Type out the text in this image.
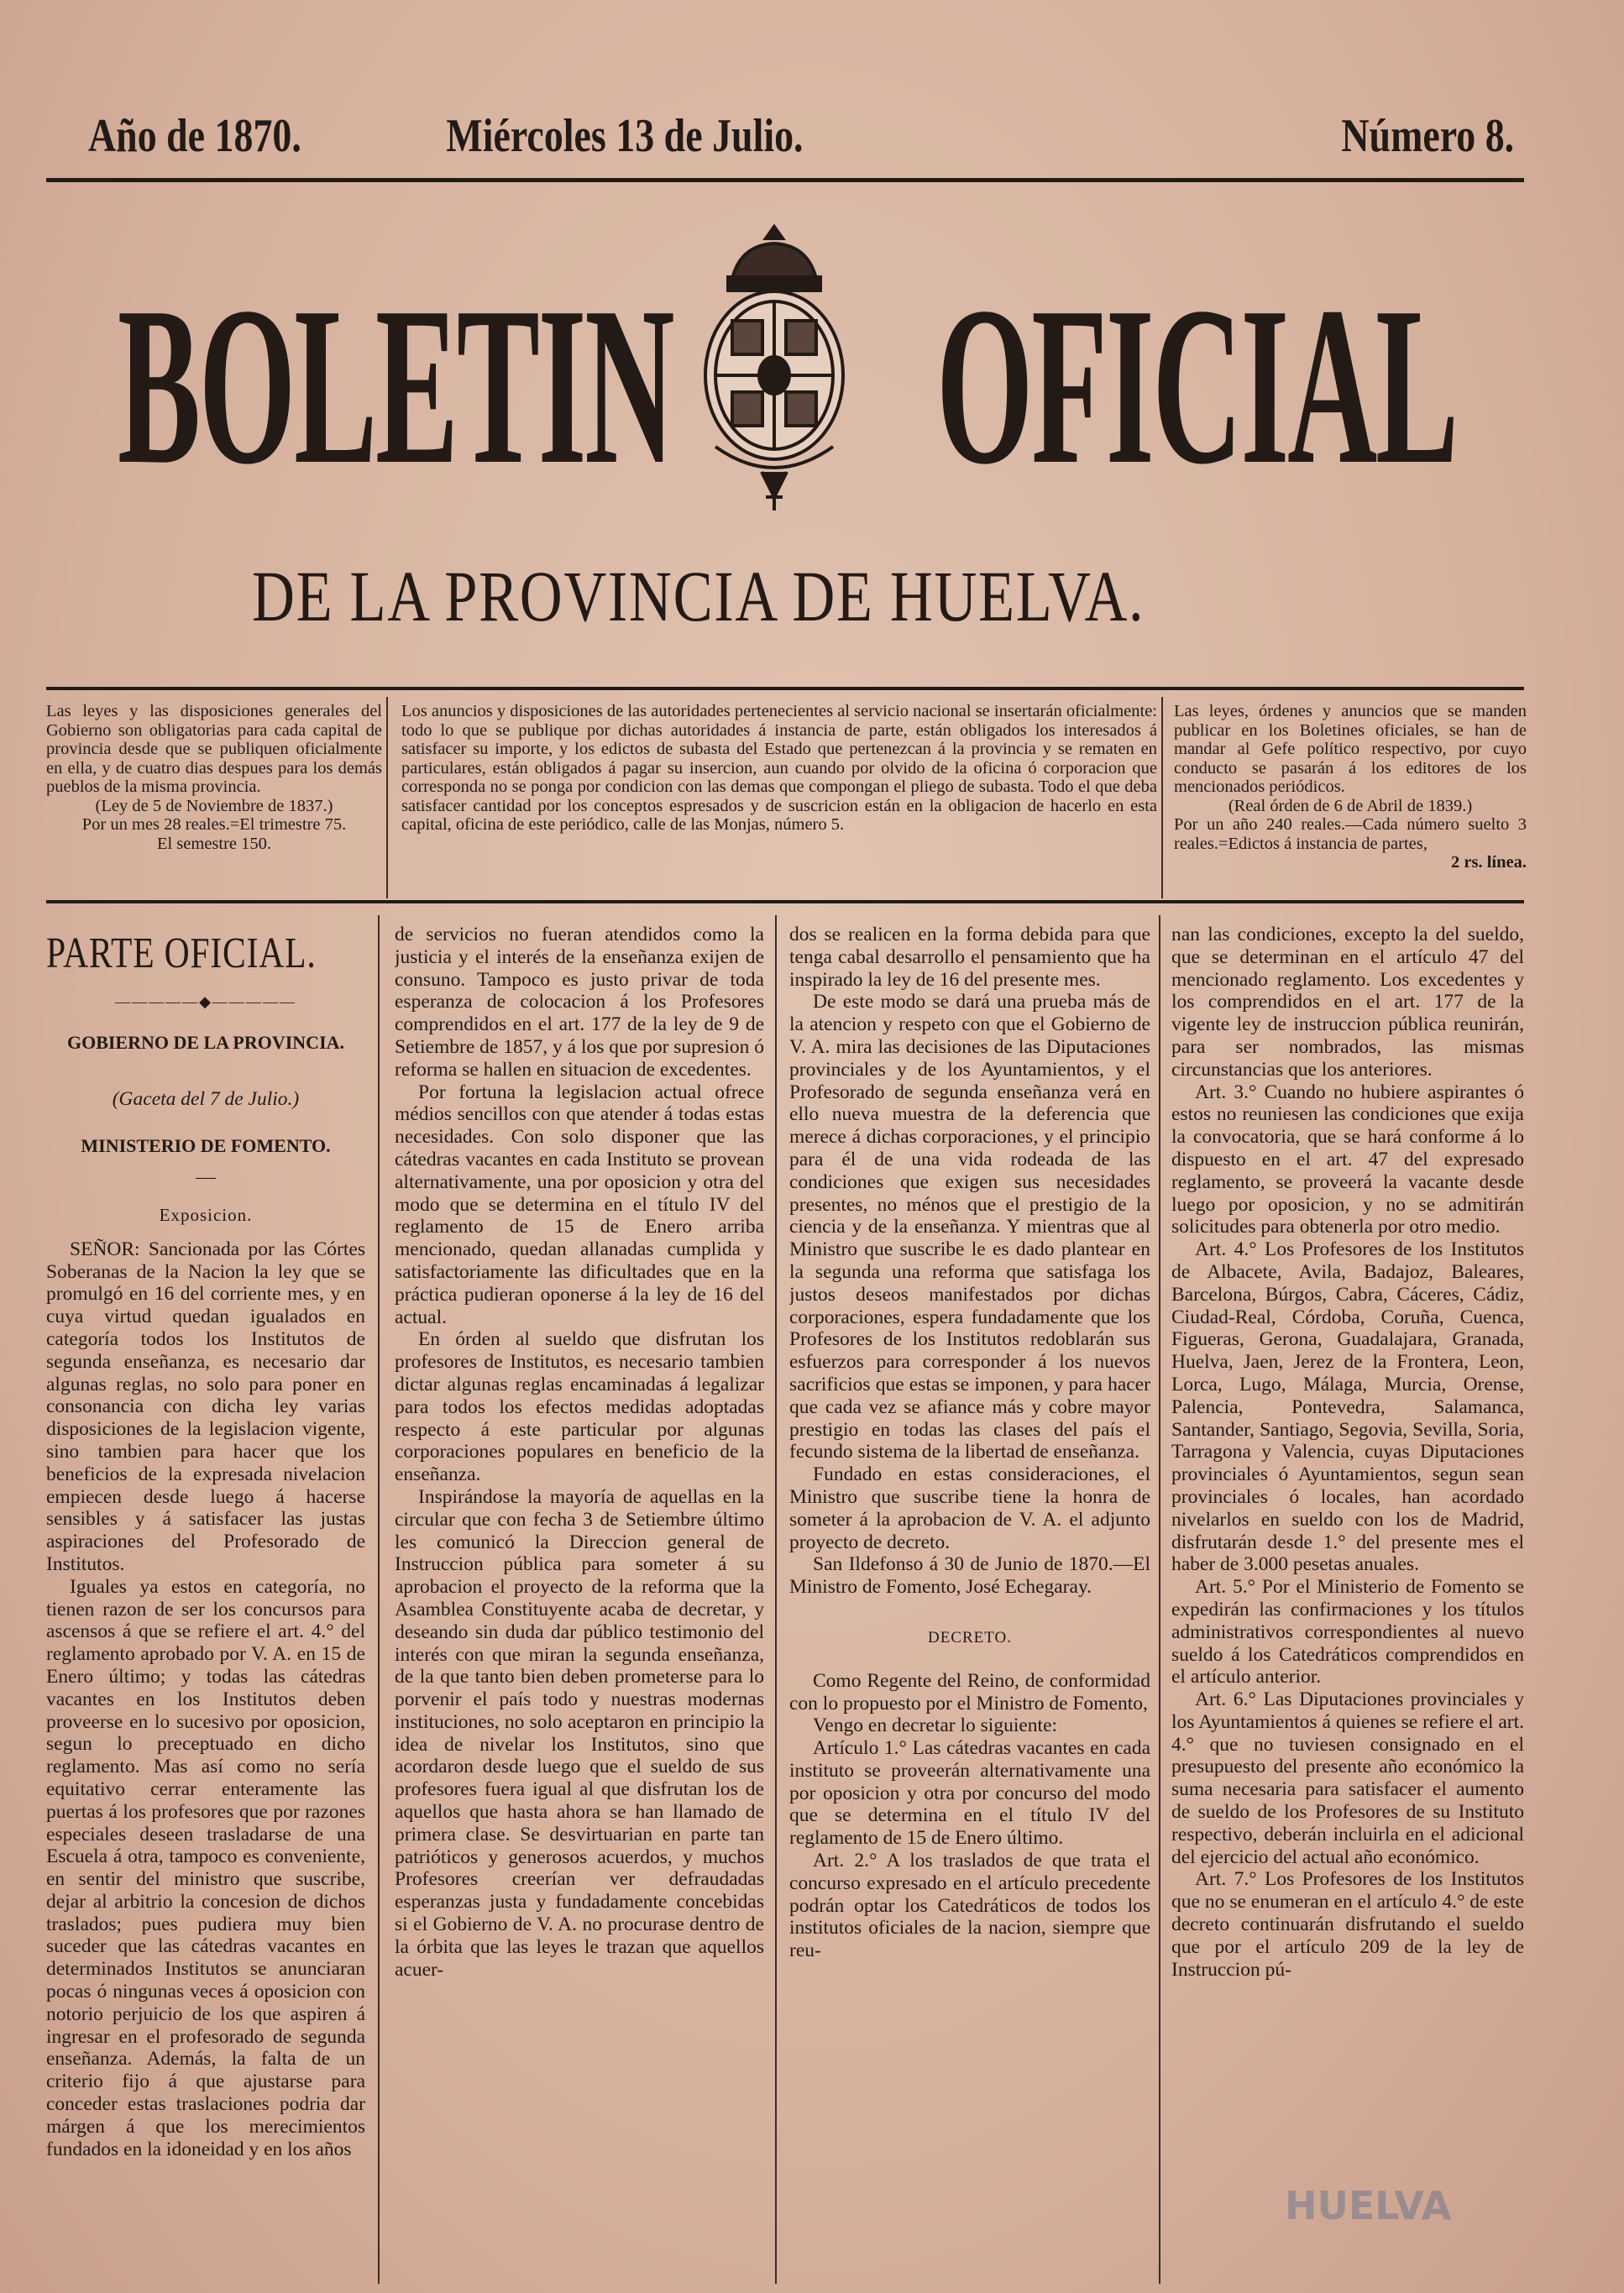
Año de 1870.	Miércoles 13 de Julio.	Número 8.
BOLETIN OFICIAL
DE LA PROVINCIA DE HUELVA.

Las leyes y las disposiciones generales del Gobierno son obligatorias para cada capital de provincia desde que se publiquen oficialmente en ella, y de cuatro dias despues para los demás pueblos de la misma provincia.

(Ley de 5 de Noviembre de 1837.)

Por un mes 28 reales.=El trimestre 75.

El semestre 150.

Los anuncios y disposiciones de las autoridades pertenecientes al servicio nacional se insertarán oficialmente: todo lo que se publique por dichas autoridades á instancia de parte, están obligados los interesados á satisfacer su importe, y los edictos de subasta del Estado que pertenezcan á la provincia y se rematen en particulares, están obligados á pagar su insercion, aun cuando por olvido de la oficina ó corporacion que corresponda no se ponga por condicion con las demas que compongan el pliego de subasta. Todo el que deba satisfacer cantidad por los conceptos espresados y de suscricion están en la obligacion de hacerlo en esta capital, oficina de este periódico, calle de las Monjas, número 5.

Las leyes, órdenes y anuncios que se manden publicar en los Boletines oficiales, se han de mandar al Gefe político respectivo, por cuyo conducto se pasarán á los editores de los mencionados periódicos.

(Real órden de 6 de Abril de 1839.)

Por un año 240 reales.—Cada número suelto 3 reales.=Edictos á instancia de partes,

2 rs. línea.

PARTE OFICIAL.
—————◆—————

GOBIERNO DE LA PROVINCIA.

(Gaceta del 7 de Julio.)

MINISTERIO DE FOMENTO.

—

Exposicion.

SEÑOR: Sancionada por las Córtes Soberanas de la Nacion la ley que se promulgó en 16 del corriente mes, y en cuya virtud quedan igualados en categoría todos los Institutos de segunda enseñanza, es necesario dar algunas reglas, no solo para poner en consonancia con dicha ley varias disposiciones de la legislacion vigente, sino tambien para hacer que los beneficios de la expresada nivelacion empiecen desde luego á hacerse sensibles y á satisfacer las justas aspiraciones del Profesorado de Institutos.

Iguales ya estos en categoría, no tienen razon de ser los concursos para ascensos á que se refiere el art. 4.° del reglamento aprobado por V. A. en 15 de Enero último; y todas las cátedras vacantes en los Institutos deben proveerse en lo sucesivo por oposicion, segun lo preceptuado en dicho reglamento. Mas así como no sería equitativo cerrar enteramente las puertas á los profesores que por razones especiales deseen trasladarse de una Escuela á otra, tampoco es conveniente, en sentir del ministro que suscribe, dejar al arbitrio la concesion de dichos traslados; pues pudiera muy bien suceder que las cátedras vacantes en determinados Institutos se anunciaran pocas ó ningunas veces á oposicion con notorio perjuicio de los que aspiren á ingresar en el profesorado de segunda enseñanza. Además, la falta de un criterio fijo á que ajustarse para conceder estas traslaciones podria dar márgen á que los merecimientos fundados en la idoneidad y en los años

de servicios no fueran atendidos como la justicia y el interés de la enseñanza exijen de consuno. Tampoco es justo privar de toda esperanza de colocacion á los Profesores comprendidos en el art. 177 de la ley de 9 de Setiembre de 1857, y á los que por supresion ó reforma se hallen en situacion de excedentes.

Por fortuna la legislacion actual ofrece médios sencillos con que atender á todas estas necesidades. Con solo disponer que las cátedras vacantes en cada Instituto se provean alternativamente, una por oposicion y otra del modo que se determina en el título IV del reglamento de 15 de Enero arriba mencionado, quedan allanadas cumplida y satisfactoriamente las dificultades que en la práctica pudieran oponerse á la ley de 16 del actual.

En órden al sueldo que disfrutan los profesores de Institutos, es necesario tambien dictar algunas reglas encaminadas á legalizar para todos los efectos medidas adoptadas respecto á este particular por algunas corporaciones populares en beneficio de la enseñanza.

Inspirándose la mayoría de aquellas en la circular que con fecha 3 de Setiembre último les comunicó la Direccion general de Instruccion pública para someter á su aprobacion el proyecto de la reforma que la Asamblea Constituyente acaba de decretar, y deseando sin duda dar público testimonio del interés con que miran la segunda enseñanza, de la que tanto bien deben prometerse para lo porvenir el país todo y nuestras modernas instituciones, no solo aceptaron en principio la idea de nivelar los Institutos, sino que acordaron desde luego que el sueldo de sus profesores fuera igual al que disfrutan los de aquellos que hasta ahora se han llamado de primera clase. Se desvirtuarian en parte tan patrióticos y generosos acuerdos, y muchos Profesores creerían ver defraudadas esperanzas justa y fundadamente concebidas si el Gobierno de V. A. no procurase dentro de la órbita que las leyes le trazan que aquellos acuer-

dos se realicen en la forma debida para que tenga cabal desarrollo el pensamiento que ha inspirado la ley de 16 del presente mes.

De este modo se dará una prueba más de la atencion y respeto con que el Gobierno de V. A. mira las decisiones de las Diputaciones provinciales y de los Ayuntamientos, y el Profesorado de segunda enseñanza verá en ello nueva muestra de la deferencia que merece á dichas corporaciones, y el principio para él de una vida rodeada de las condiciones que exigen sus necesidades presentes, no ménos que el prestigio de la ciencia y de la enseñanza. Y mientras que al Ministro que suscribe le es dado plantear en la segunda una reforma que satisfaga los justos deseos manifestados por dichas corporaciones, espera fundadamente que los Profesores de los Institutos redoblarán sus esfuerzos para corresponder á los nuevos sacrificios que estas se imponen, y para hacer que cada vez se afiance más y cobre mayor prestigio en todas las clases del país el fecundo sistema de la libertad de enseñanza.

Fundado en estas consideraciones, el Ministro que suscribe tiene la honra de someter á la aprobacion de V. A. el adjunto proyecto de decreto.

San Ildefonso á 30 de Junio de 1870.—El Ministro de Fomento, José Echegaray.

DECRETO.

Como Regente del Reino, de conformidad con lo propuesto por el Ministro de Fomento,

Vengo en decretar lo siguiente:

Artículo 1.° Las cátedras vacantes en cada instituto se proveerán alternativamente una por oposicion y otra por concurso del modo que se determina en el título IV del reglamento de 15 de Enero último.

Art. 2.° A los traslados de que trata el concurso expresado en el artículo precedente podrán optar los Catedráticos de todos los institutos oficiales de la nacion, siempre que reu-

nan las condiciones, excepto la del sueldo, que se determinan en el artículo 47 del mencionado reglamento. Los excedentes y los comprendidos en el art. 177 de la vigente ley de instruccion pública reunirán, para ser nombrados, las mismas circunstancias que los anteriores.

Art. 3.° Cuando no hubiere aspirantes ó estos no reuniesen las condiciones que exija la convocatoria, que se hará conforme á lo dispuesto en el art. 47 del expresado reglamento, se proveerá la vacante desde luego por oposicion, y no se admitirán solicitudes para obtenerla por otro medio.

Art. 4.° Los Profesores de los Institutos de Albacete, Avila, Badajoz, Baleares, Barcelona, Búrgos, Cabra, Cáceres, Cádiz, Ciudad-Real, Córdoba, Coruña, Cuenca, Figueras, Gerona, Guadalajara, Granada, Huelva, Jaen, Jerez de la Frontera, Leon, Lorca, Lugo, Málaga, Murcia, Orense, Palencia, Pontevedra, Salamanca, Santander, Santiago, Segovia, Sevilla, Soria, Tarragona y Valencia, cuyas Diputaciones provinciales ó Ayuntamientos, segun sean provinciales ó locales, han acordado nivelarlos en sueldo con los de Madrid, disfrutarán desde 1.° del presente mes el haber de 3.000 pesetas anuales.

Art. 5.° Por el Ministerio de Fomento se expedirán las confirmaciones y los títulos administrativos correspondientes al nuevo sueldo á los Catedráticos comprendidos en el artículo anterior.

Art. 6.° Las Diputaciones provinciales y los Ayuntamientos á quienes se refiere el art. 4.° que no tuviesen consignado en el presupuesto del presente año económico la suma necesaria para satisfacer el aumento de sueldo de los Profesores de su Instituto respectivo, deberán incluirla en el adicional del ejercicio del actual año económico.

Art. 7.° Los Profesores de los Institutos que no se enumeran en el artículo 4.° de este decreto continuarán disfrutando el sueldo que por el artículo 209 de la ley de Instruccion pú-

HUELVA
